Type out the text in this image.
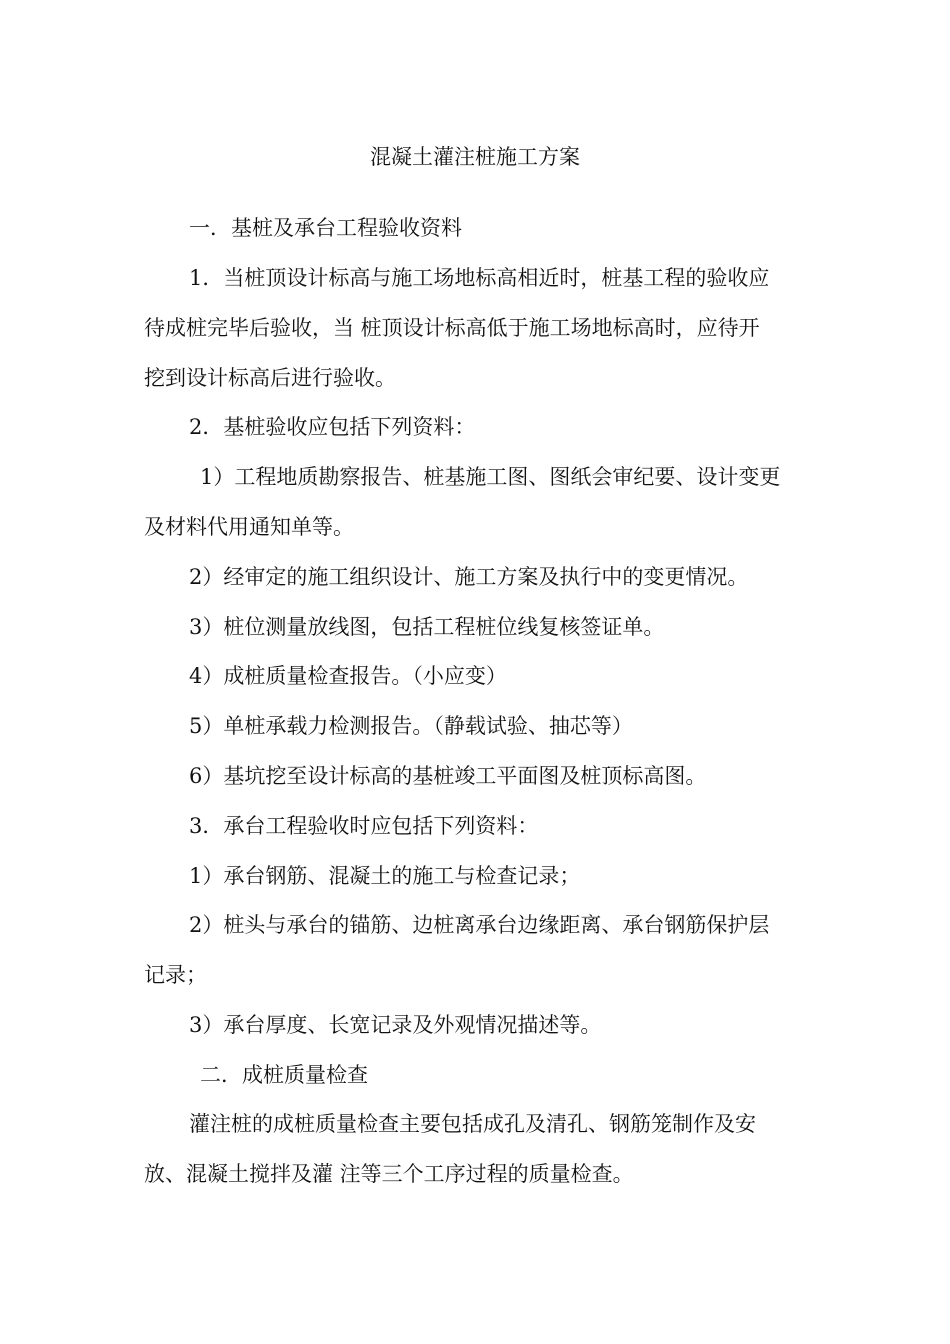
混凝土灌注桩施工方案
一．基桩及承台工程验收资料
1．当桩顶设计标高与施工场地标高相近时，桩基工程的验收应
待成桩完毕后验收，当 桩顶设计标高低于施工场地标高时，应待开
挖到设计标高后进行验收。
2．基桩验收应包括下列资料：
1）工程地质勘察报告、桩基施工图、图纸会审纪要、设计变更
及材料代用通知单等。
2）经审定的施工组织设计、施工方案及执行中的变更情况。
3）桩位测量放线图，包括工程桩位线复核签证单。
4）成桩质量检查报告。（小应变）
5）单桩承载力检测报告。（静载试验、抽芯等）
6）基坑挖至设计标高的基桩竣工平面图及桩顶标高图。
3．承台工程验收时应包括下列资料：
1）承台钢筋、混凝土的施工与检查记录；
2）桩头与承台的锚筋、边桩离承台边缘距离、承台钢筋保护层
记录；
3）承台厚度、长宽记录及外观情况描述等。
二．成桩质量检查
灌注桩的成桩质量检查主要包括成孔及清孔、钢筋笼制作及安
放、混凝土搅拌及灌 注等三个工序过程的质量检查。
